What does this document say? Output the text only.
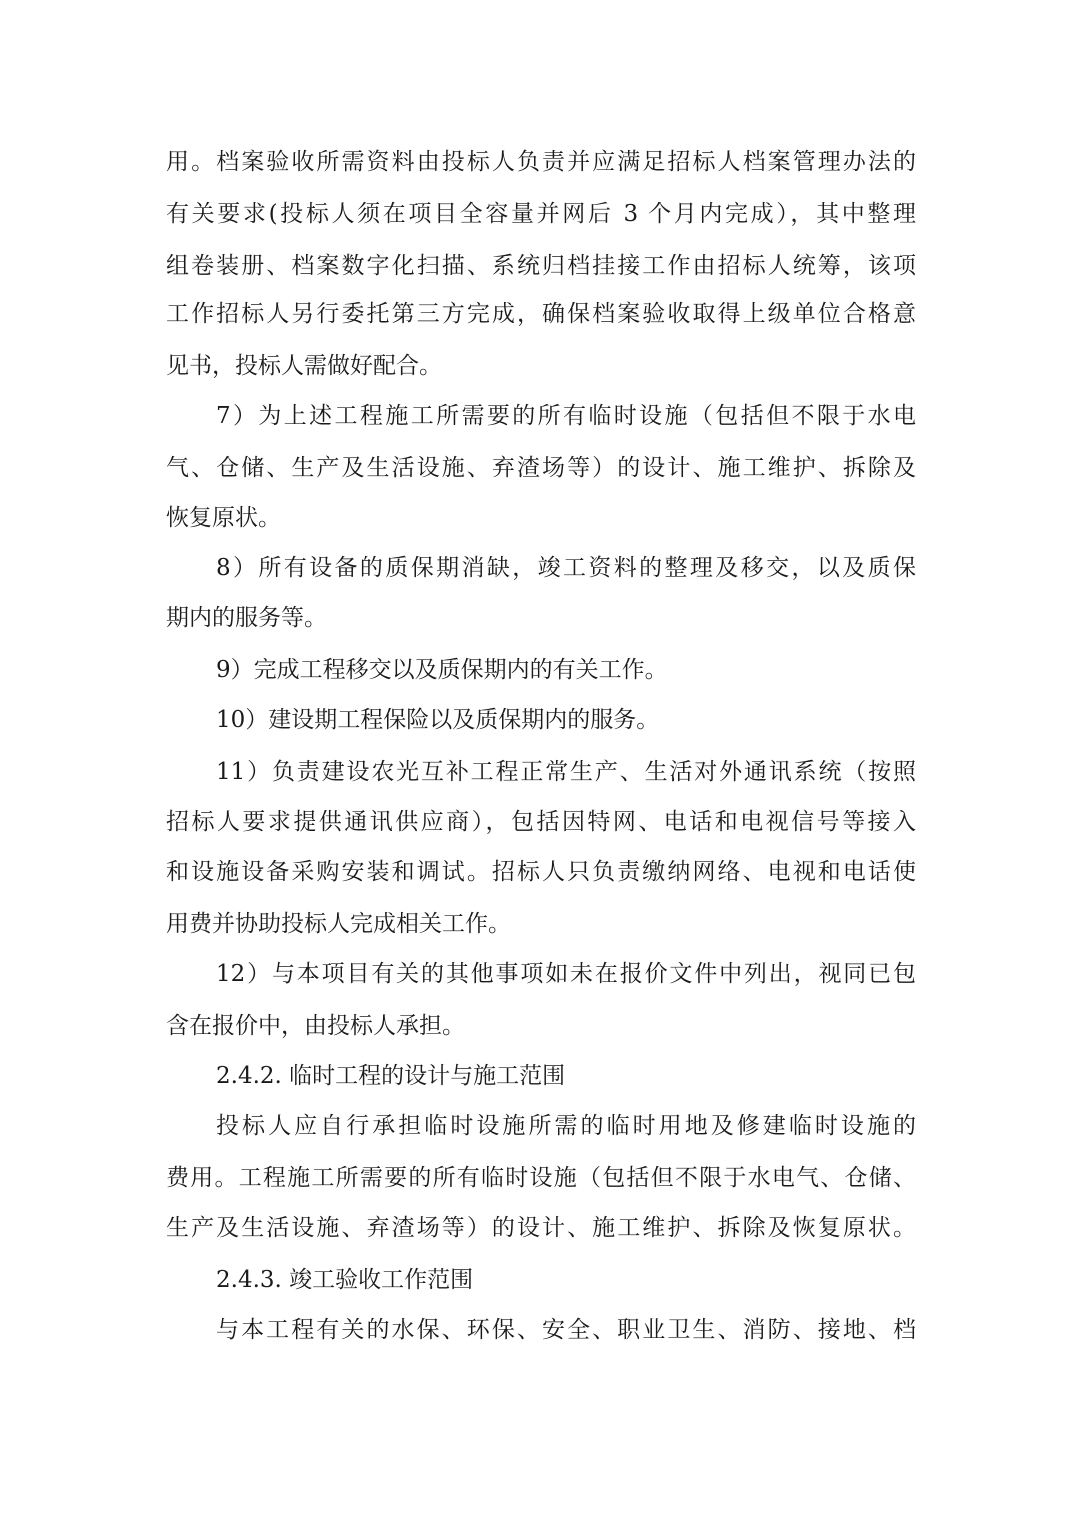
用。档案验收所需资料由投标人负责并应满足招标人档案管理办法的
有关要求(投标人须在项目全容量并网后 3 个月内完成），其中整理
组卷装册、档案数字化扫描、系统归档挂接工作由招标人统筹，该项
工作招标人另行委托第三方完成，确保档案验收取得上级单位合格意
见书，投标人需做好配合。
7）为上述工程施工所需要的所有临时设施（包括但不限于水电
气、仓储、生产及生活设施、弃渣场等）的设计、施工维护、拆除及
恢复原状。
8）所有设备的质保期消缺，竣工资料的整理及移交，以及质保
期内的服务等。
9）完成工程移交以及质保期内的有关工作。
10）建设期工程保险以及质保期内的服务。
11）负责建设农光互补工程正常生产、生活对外通讯系统（按照
招标人要求提供通讯供应商），包括因特网、电话和电视信号等接入
和设施设备采购安装和调试。招标人只负责缴纳网络、电视和电话使
用费并协助投标人完成相关工作。
12）与本项目有关的其他事项如未在报价文件中列出，视同已包
含在报价中，由投标人承担。
2.4.2. 临时工程的设计与施工范围
投标人应自行承担临时设施所需的临时用地及修建临时设施的
费用。工程施工所需要的所有临时设施（包括但不限于水电气、仓储、
生产及生活设施、弃渣场等）的设计、施工维护、拆除及恢复原状。
2.4.3. 竣工验收工作范围
与本工程有关的水保、环保、安全、职业卫生、消防、接地、档
